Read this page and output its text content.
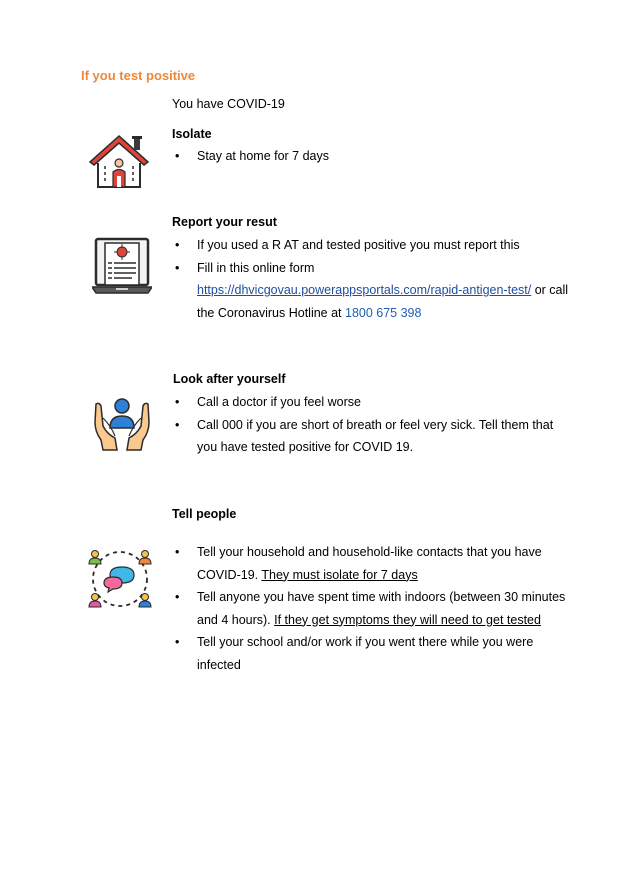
If you test positive
You have COVID-19
Isolate
• Stay at home for 7 days
Report your resut
• If you used a R AT and tested positive you must report this
• Fill in this online form
https://dhvicgovau.powerappsportals.com/rapid-antigen-test/ or call the Coronavirus Hotline at 1800 675 398
Look after yourself
• Call a doctor if you feel worse
• Call 000 if you are short of breath or feel very sick. Tell them that you have tested positive for COVID 19.
Tell people
• Tell your household and household-like contacts that you have COVID-19. They must isolate for 7 days
• Tell anyone you have spent time with indoors (between 30 minutes and 4 hours). If they get symptoms they will need to get tested
• Tell your school and/or work if you went there while you were infected
